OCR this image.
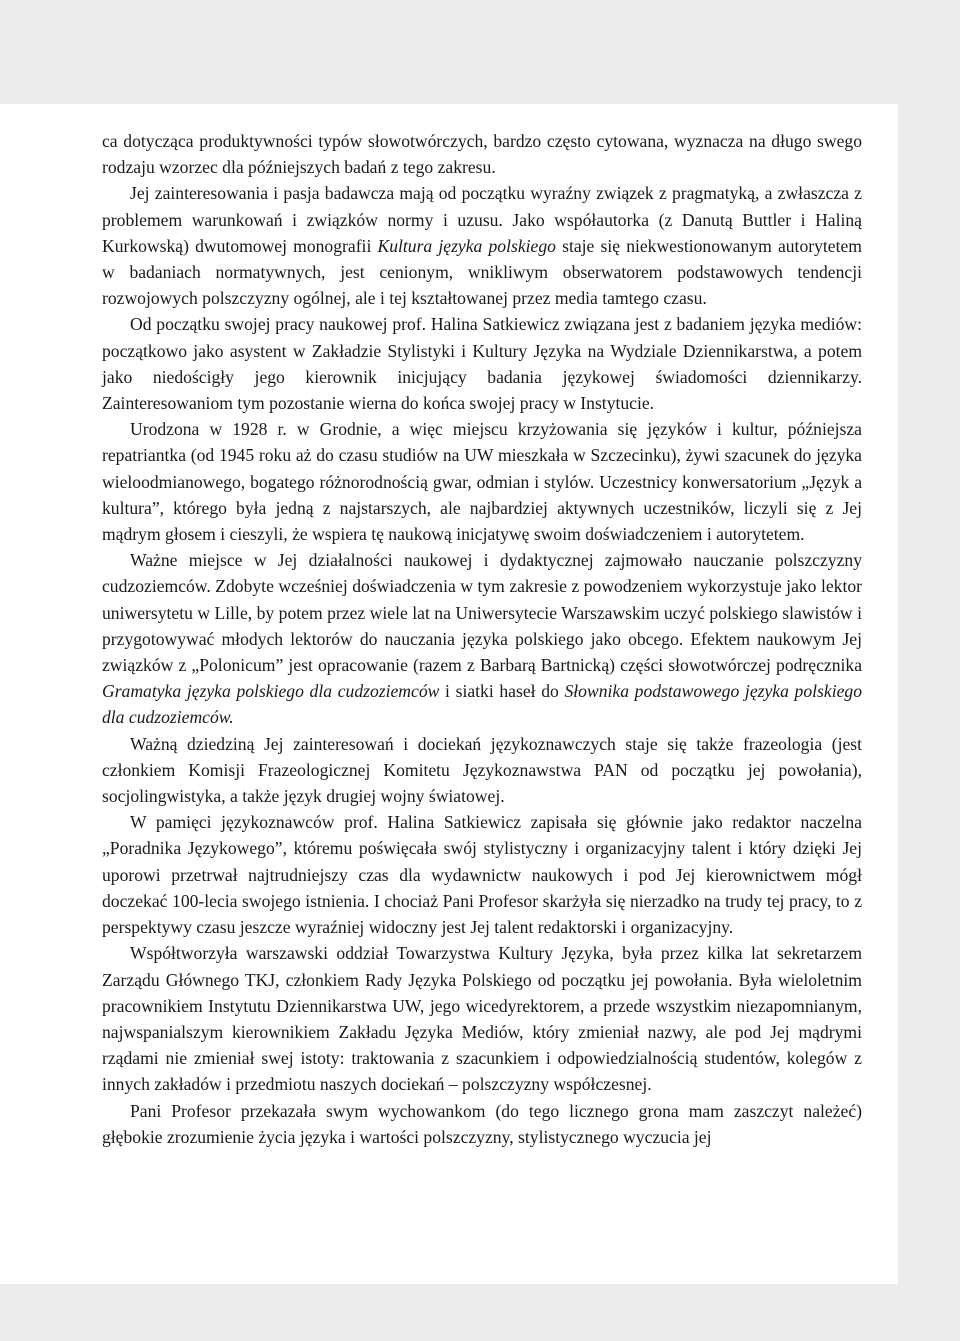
ca dotycząca produktywności typów słowotwórczych, bardzo często cytowana, wyznacza na długo swego rodzaju wzorzec dla późniejszych badań z tego zakresu.

Jej zainteresowania i pasja badawcza mają od początku wyraźny związek z pragmatyką, a zwłaszcza z problemem warunkowań i związków normy i uzusu. Jako współautorka (z Danutą Buttler i Haliną Kurkowską) dwutomowej monografii Kultura języka polskiego staje się niekwestionowanym autorytetem w badaniach normatywnych, jest cenionym, wnikliwym obserwatorem podstawowych tendencji rozwojowych polszczyzny ogólnej, ale i tej kształtowanej przez media tamtego czasu.

Od początku swojej pracy naukowej prof. Halina Satkiewicz związana jest z badaniem języka mediów: początkowo jako asystent w Zakładzie Stylistyki i Kultury Języka na Wydziale Dziennikarstwa, a potem jako niedościgły jego kierownik inicjujący badania językowej świadomości dziennikarzy. Zainteresowaniom tym pozostanie wierna do końca swojej pracy w Instytucie.

Urodzona w 1928 r. w Grodnie, a więc miejscu krzyżowania się języków i kultur, późniejsza repatriantka (od 1945 roku aż do czasu studiów na UW mieszkała w Szczecinku), żywi szacunek do języka wieloodmianowego, bogatego różnorodnością gwar, odmian i stylów. Uczestnicy konwersatorium „Język a kultura”, którego była jedną z najstarszych, ale najbardziej aktywnych uczestników, liczyli się z Jej mądrym głosem i cieszyli, że wspiera tę naukową inicjatywę swoim doświadczeniem i autorytetem.

Ważne miejsce w Jej działalności naukowej i dydaktycznej zajmowało nauczanie polszczyzny cudzoziemców. Zdobyte wcześniej doświadczenia w tym zakresie z powodzeniem wykorzystuje jako lektor uniwersytetu w Lille, by potem przez wiele lat na Uniwersytecie Warszawskim uczyć polskiego slawistów i przygotowywać młodych lektorów do nauczania języka polskiego jako obcego. Efektem naukowym Jej związków z „Polonicum” jest opracowanie (razem z Barbarą Bartnicką) części słowotwórczej podręcznika Gramatyka języka polskiego dla cudzoziemców i siatki haseł do Słownika podstawowego języka polskiego dla cudzoziemców.

Ważną dziedziną Jej zainteresowań i dociekań językoznawczych staje się także frazeologia (jest członkiem Komisji Frazeologicznej Komitetu Językoznawstwa PAN od początku jej powołania), socjolingwistyka, a także język drugiej wojny światowej.

W pamięci językoznawców prof. Halina Satkiewicz zapisała się głównie jako redaktor naczelna „Poradnika Językowego”, któremu poświęcała swój stylistyczny i organizacyjny talent i który dzięki Jej uporowi przetrwał najtrudniejszy czas dla wydawnictw naukowych i pod Jej kierownictwem mógł doczekać 100-lecia swojego istnienia. I chociaż Pani Profesor skarżyła się nierzadko na trudy tej pracy, to z perspektywy czasu jeszcze wyraźniej widoczny jest Jej talent redaktorski i organizacyjny.

Współtworzyła warszawski oddział Towarzystwa Kultury Języka, była przez kilka lat sekretarzem Zarządu Głównego TKJ, członkiem Rady Języka Polskiego od początku jej powołania. Była wieloletnim pracownikiem Instytutu Dziennikarstwa UW, jego wicedyrektorem, a przede wszystkim niezapomnianym, najwspanialszym kierownikiem Zakładu Języka Mediów, który zmieniał nazwy, ale pod Jej mądrymi rządami nie zmieniał swej istoty: traktowania z szacunkiem i odpowiedzialnością studentów, kolegów z innych zakładów i przedmiotu naszych dociekań – polszczyzny współczesnej.

Pani Profesor przekazała swym wychowankom (do tego licznego grona mam zaszczyt należeć) głębokie zrozumienie życia języka i wartości polszczyzny, stylistycznego wyczucia jej
